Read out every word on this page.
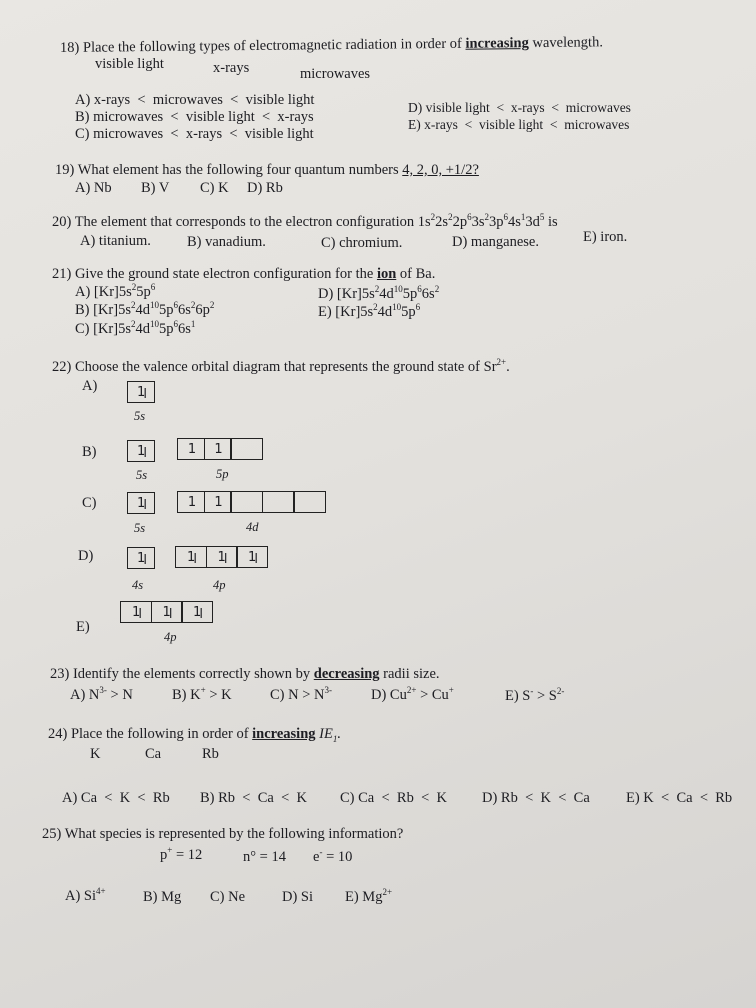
18) Place the following types of electromagnetic radiation in order of increasing wavelength.
visible light	x-rays	microwaves
A) x-rays  <  microwaves  <  visible light
B) microwaves  <  visible light  <  x-rays
C) microwaves  <  x-rays  <  visible light
D) visible light  <  x-rays  <  microwaves
E) x-rays  <  visible light  <  microwaves
19) What element has the following four quantum numbers 4, 2, 0, +1/2?
A) Nb B) V C) K D) Rb
20) The element that corresponds to the electron configuration $1s^22s^22p^63s^23p^64s^13d^5$ is
A) titanium. B) vanadium.	C) chromium.	D) manganese.	E) iron.
21) Give the ground state electron configuration for the ion of Ba.
A) $[Kr]5s^25p^6$
B) $[Kr]5s^24d^{10}5p^66s^26p^2$
C) $[Kr]5s^24d^{10}5p^66s^1$
D) $[Kr]5s^24d^{10}5p^66s^2$
E) $[Kr]5s^24d^{10}5p^6$
22) Choose the valence orbital diagram that represents the ground state of $Sr^{2+}$.
A)	1 l
5s
B)	1 l	1	1
5s	5p
C)	1 l	1	1
5s	4d
D)	1 l	1 l	1 l	1 l
4s	4p
E)
1 l	1 l	1 l
4p
23) Identify the elements correctly shown by decreasing radii size.
A) $N^{3-} > N$	B) K+ > K	C) $N > N^{3-}$	D) $Cu^{2+} > Cu^+$	E) $S^- > S^{2-}$
24) Place the following in order of increasing $IE_1$.
K	Ca	Rb
A) Ca  <  K  <  Rb B) Rb  <  Ca  <  K C) Ca  <  Rb  <  K D) Rb  <  K  <  Ca E) K  <  Ca  <  Rb
25) What species is represented by the following information?
p+ = 12	n° = 14 e- = 10
A) $Si^{4+}$	B) Mg C) Ne	D) Si E) $Mg^{2+}$
